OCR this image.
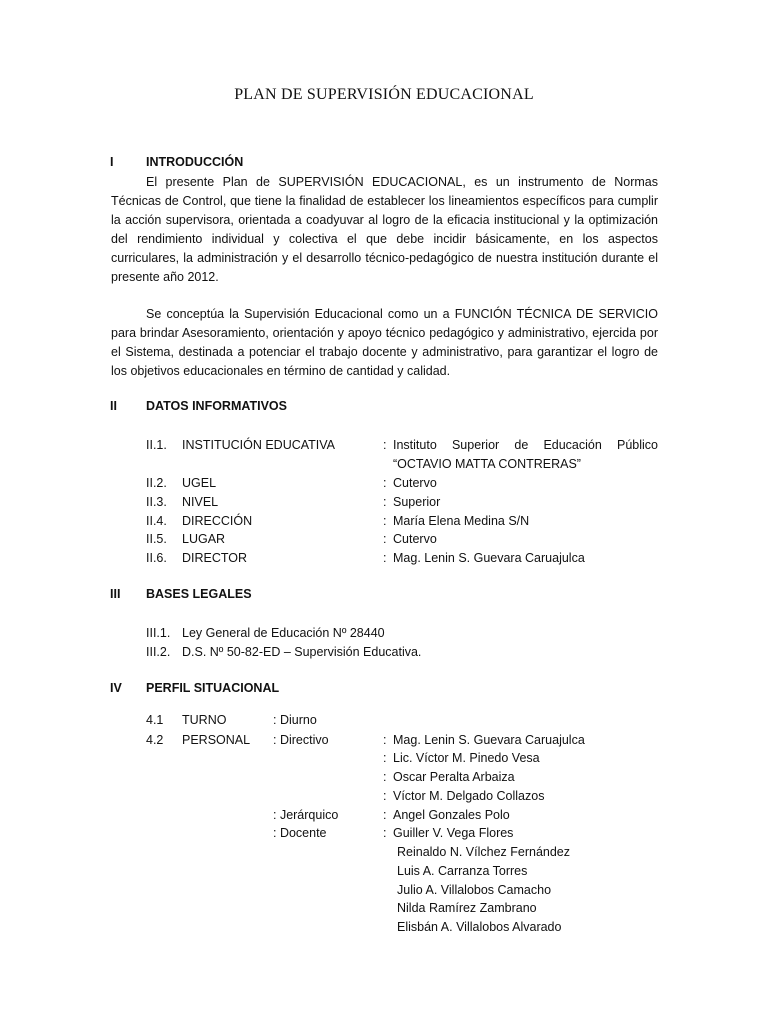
PLAN DE SUPERVISIÓN EDUCACIONAL
I	INTRODUCCIÓN

El presente Plan de SUPERVISIÓN EDUCACIONAL, es un instrumento de Normas Técnicas de Control, que tiene la finalidad de establecer los lineamientos específicos para cumplir la acción supervisora, orientada a coadyuvar al logro de la eficacia institucional y la optimización del rendimiento individual y colectiva el que debe incidir básicamente, en los aspectos curriculares, la administración y el desarrollo técnico-pedagógico de nuestra institución durante el presente año 2012.

Se conceptúa la Supervisión Educacional como un a FUNCIÓN TÉCNICA DE SERVICIO para brindar Asesoramiento, orientación y apoyo técnico pedagógico y administrativo, ejercida por el Sistema, destinada a potenciar el trabajo docente y administrativo, para garantizar el logro de los objetivos educacionales en término de cantidad y calidad.

II DATOS INFORMATIVOS
II.1. INSTITUCIÓN EDUCATIVA	: Instituto Superior de Educación Público
“OCTAVIO MATTA CONTRERAS”
II.2. UGEL	: Cutervo
II.3. NIVEL	: Superior
II.4. DIRECCIÓN	: María Elena Medina S/N
II.5. LUGAR	: Cutervo
II.6. DIRECTOR	: Mag. Lenin S. Guevara Caruajulca
III BASES LEGALES
III.1. Ley General de Educación Nº 28440
III.2. D.S. Nº 50-82-ED – Supervisión Educativa.
IV PERFIL SITUACIONAL
4.1 TURNO	: Diurno
4.2 PERSONAL : Directivo	: Mag. Lenin S. Guevara Caruajulca
: Lic. Víctor M. Pinedo Vesa
: Oscar Peralta Arbaiza
: Víctor M. Delgado Collazos
: Jerárquico	: Angel Gonzales Polo
: Docente	: Guiller V. Vega Flores
Reinaldo N. Vílchez Fernández
Luis A. Carranza Torres
Julio A. Villalobos Camacho
Nilda Ramírez Zambrano
Elisbán A. Villalobos Alvarado
